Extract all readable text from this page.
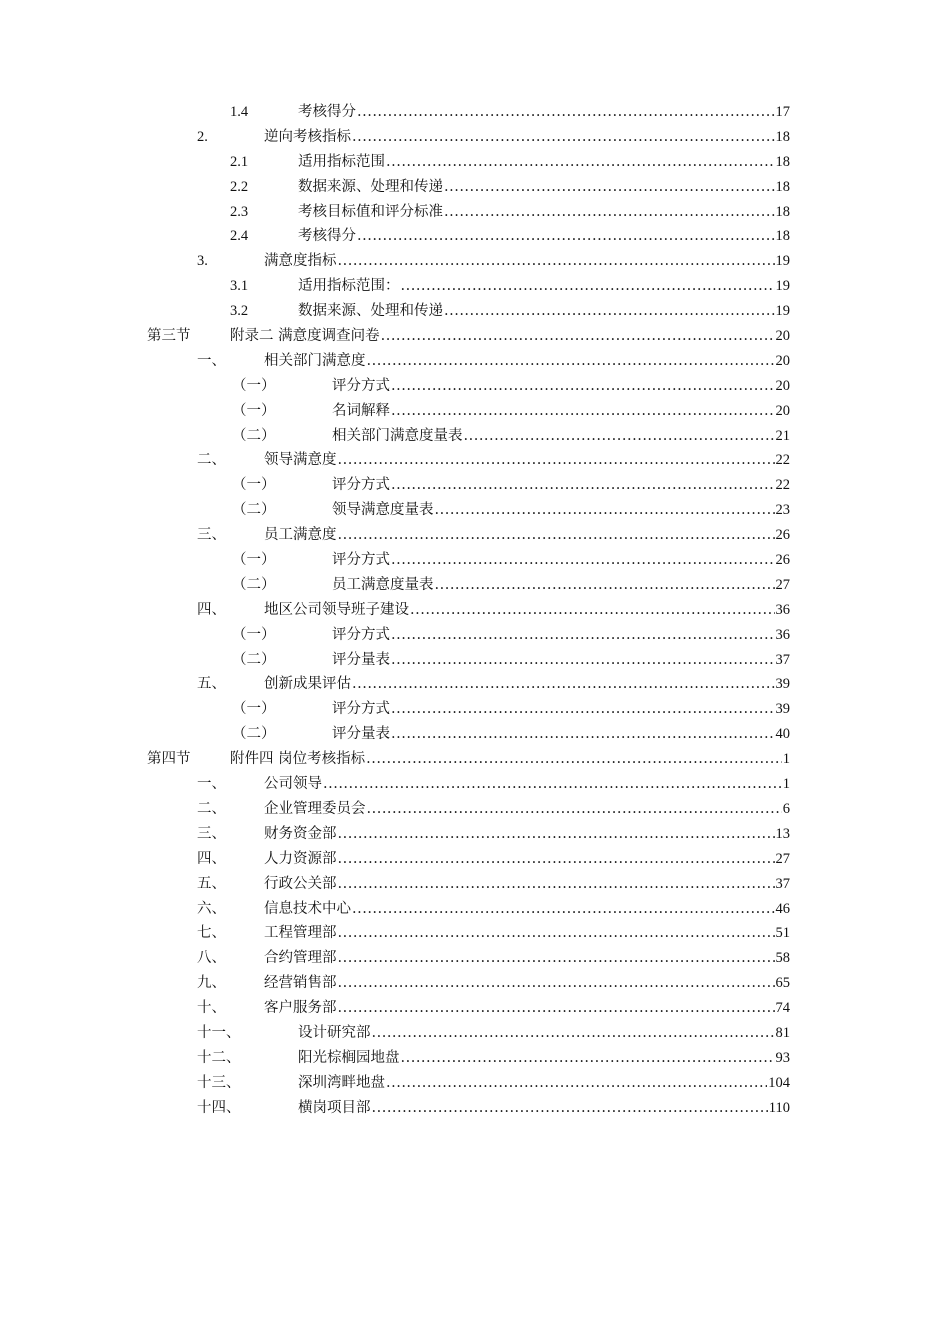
1.4	考核得分 .....	17
2.	逆向考核指标 .....	18
2.1	适用指标范围 .....	18
2.2	数据来源、处理和传递 .....	18
2.3	考核目标值和评分标准 .....	18
2.4	考核得分 .....	18
3.	满意度指标 .....	19
3.1	适用指标范围： .....	19
3.2	数据来源、处理和传递 .....	19
第三节	附录二 满意度调查问卷 .....	20
一、	相关部门满意度 .....	20
（一）	评分方式 .....	20
（一）	名词解释 .....	20
（二）	相关部门满意度量表 .....	21
二、	领导满意度 .....	22
（一）	评分方式 .....	22
（二）	领导满意度量表 .....	23
三、	员工满意度 .....	26
（一）	评分方式 .....	26
（二）	员工满意度量表 .....	27
四、	地区公司领导班子建设 .....	36
（一）	评分方式 .....	36
（二）	评分量表 .....	37
五、	创新成果评估 .....	39
（一）	评分方式 .....	39
（二）	评分量表 .....	40
第四节	附件四 岗位考核指标 .....	1
一、	公司领导 .....	1
二、	企业管理委员会 .....	6
三、	财务资金部 .....	13
四、	人力资源部 .....	27
五、	行政公关部 .....	37
六、	信息技术中心 .....	46
七、	工程管理部 .....	51
八、	合约管理部 .....	58
九、	经营销售部 .....	65
十、	客户服务部 .....	74
十一、	设计研究部 .....	81
十二、	阳光棕榈园地盘 .....	93
十三、	深圳湾畔地盘 .....	104
十四、	横岗项目部 .....	110
